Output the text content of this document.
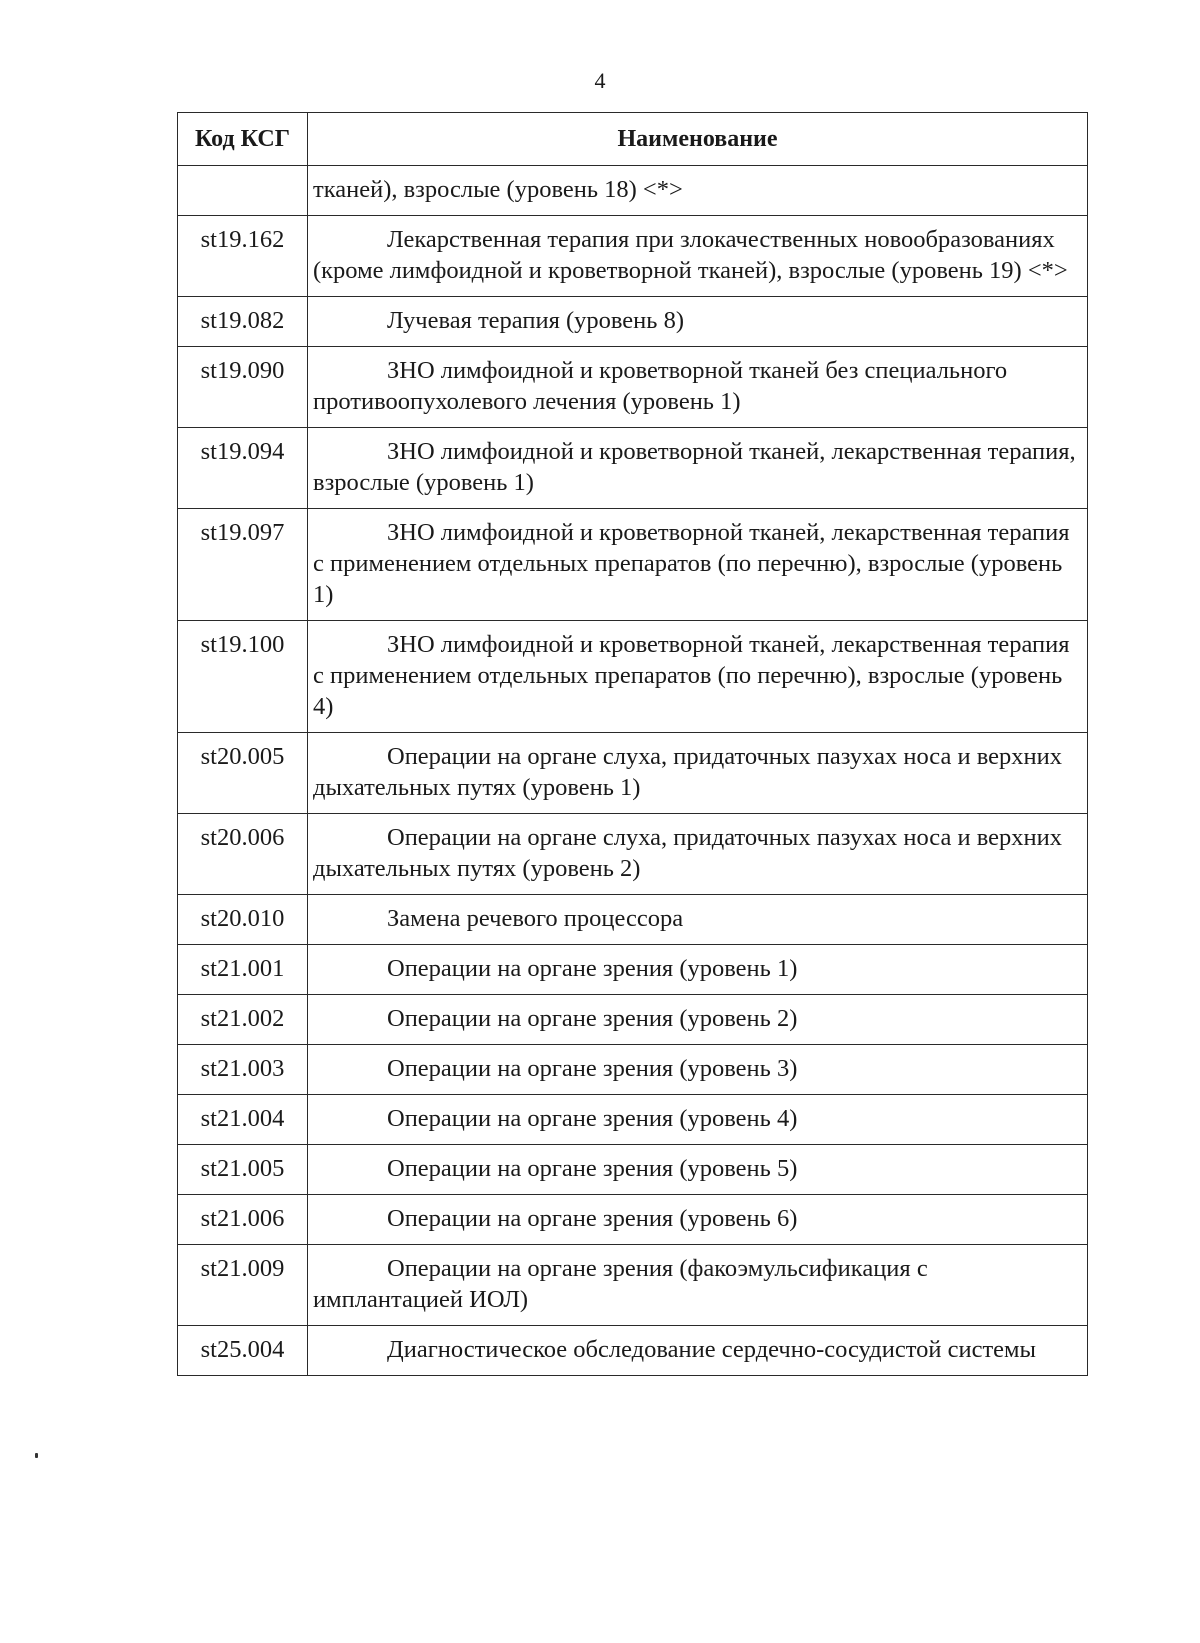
4
Код КСГ	Наименование

	тканей), взрослые (уровень 18) <*>

st19.162	Лекарственная терапия при злокачественных новообразованиях (кроме лимфоидной и кроветворной тканей), взрослые (уровень 19) <*>

st19.082	Лучевая терапия (уровень 8)

st19.090	ЗНО лимфоидной и кроветворной тканей без специального противоопухолевого лечения (уровень 1)

st19.094	ЗНО лимфоидной и кроветворной тканей, лекарственная терапия, взрослые (уровень 1)

st19.097	ЗНО лимфоидной и кроветворной тканей, лекарственная терапия с применением отдельных препаратов (по перечню), взрослые (уровень 1)

st19.100	ЗНО лимфоидной и кроветворной тканей, лекарственная терапия с применением отдельных препаратов (по перечню), взрослые (уровень 4)

st20.005	Операции на органе слуха, придаточных пазухах носа и верхних дыхательных путях (уровень 1)

st20.006	Операции на органе слуха, придаточных пазухах носа и верхних дыхательных путях (уровень 2)

st20.010	Замена речевого процессора

st21.001	Операции на органе зрения (уровень 1)

st21.002	Операции на органе зрения (уровень 2)

st21.003	Операции на органе зрения (уровень 3)

st21.004	Операции на органе зрения (уровень 4)

st21.005	Операции на органе зрения (уровень 5)

st21.006	Операции на органе зрения (уровень 6)

st21.009	Операции на органе зрения (факоэмульсификация с имплантацией ИОЛ)

st25.004	Диагностическое обследование сердечно-сосудистой системы
